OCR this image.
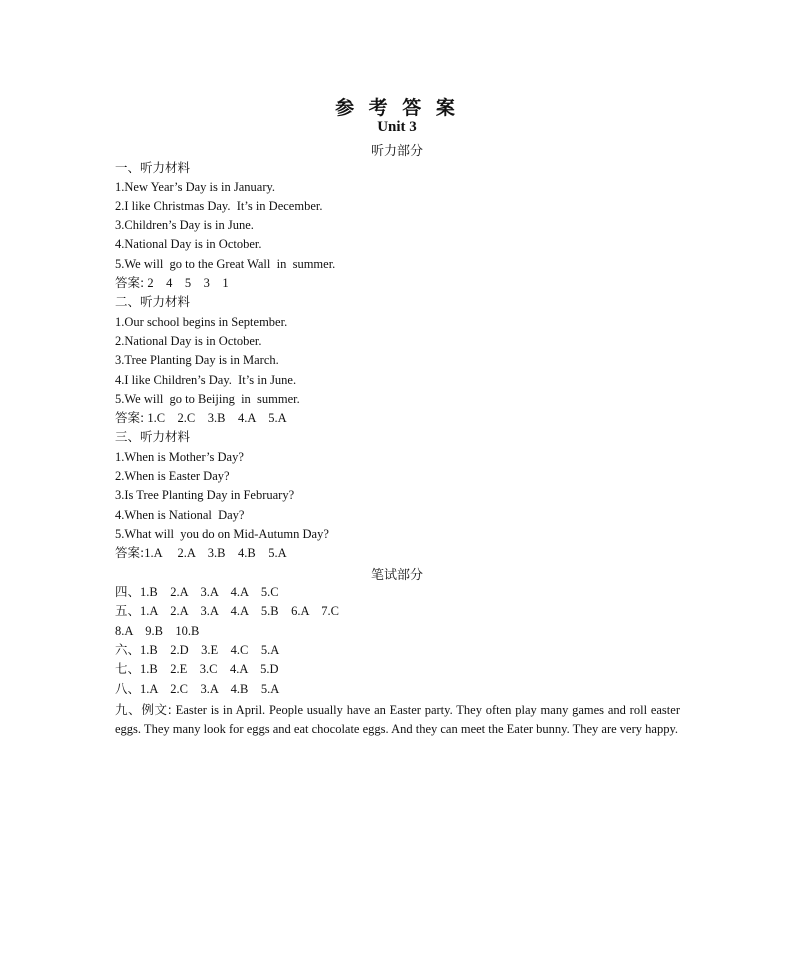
参 考 答 案
Unit 3
听力部分
一、听力材料
1.New Year’s Day is in January.
2.I like Christmas Day.  It’s in December.
3.Children’s Day is in June.
4.National Day is in October.
5.We will  go to the Great Wall  in  summer.
答案: 2    4    5    3    1
二、听力材料
1.Our school begins in September.
2.National Day is in October.
3.Tree Planting Day is in March.
4.I like Children’s Day.  It’s in June.
5.We will  go to Beijing  in  summer.
答案: 1.C    2.C    3.B    4.A    5.A
三、听力材料
1.When is Mother’s Day?
2.When is Easter Day?
3.Is Tree Planting Day in February?
4.When is National  Day?
5.What will  you do on Mid-Autumn Day?
答案:1.A     2.A    3.B    4.B    5.A
笔试部分
四、1.B    2.A    3.A    4.A    5.C
五、1.A    2.A    3.A    4.A    5.B    6.A    7.C
8.A    9.B    10.B
六、1.B    2.D    3.E    4.C    5.A
七、1.B    2.E    3.C    4.A    5.D
八、1.A    2.C    3.A    4.B    5.A
九、例文: Easter is in April. People usually have an Easter party. They often play many games and roll easter eggs. They many look for eggs and eat chocolate eggs. And they can meet the Eater bunny. They are very happy.
